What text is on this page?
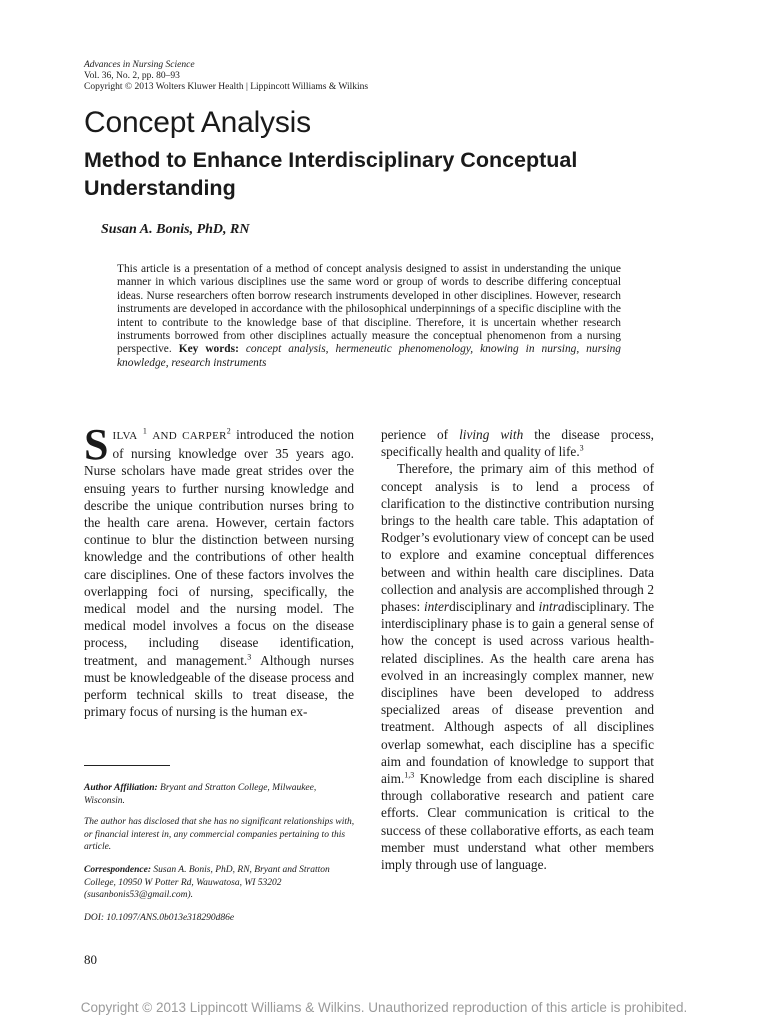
Advances in Nursing Science
Vol. 36, No. 2, pp. 80–93
Copyright © 2013 Wolters Kluwer Health | Lippincott Williams & Wilkins
Concept Analysis
Method to Enhance Interdisciplinary Conceptual Understanding
Susan A. Bonis, PhD, RN

This article is a presentation of a method of concept analysis designed to assist in understanding the unique manner in which various disciplines use the same word or group of words to describe differing conceptual ideas. Nurse researchers often borrow research instruments developed in other disciplines. However, research instruments are developed in accordance with the philosophical underpinnings of a specific discipline with the intent to contribute to the knowledge base of that discipline. Therefore, it is uncertain whether research instruments borrowed from other disciplines actually measure the conceptual phenomenon from a nursing perspective. Key words: concept analysis, hermeneutic phenomenology, knowing in nursing, nursing knowledge, research instruments

SILVA $^1$ AND CARPER$^2$ introduced the notion of nursing knowledge over 35 years ago. Nurse scholars have made great strides over the ensuing years to further nursing knowledge and describe the unique contribution nurses bring to the health care arena. However, certain factors continue to blur the distinction between nursing knowledge and the contributions of other health care disciplines. One of these factors involves the overlapping foci of nursing, specifically, the medical model and the nursing model. The medical model involves a focus on the disease process, including disease identification, treatment, and management.$^3$ Although nurses must be knowledgeable of the disease process and perform technical skills to treat disease, the primary focus of nursing is the human ex-

perience of living with the disease process, specifically health and quality of life.$^3$

Therefore, the primary aim of this method of concept analysis is to lend a process of clarification to the distinctive contribution nursing brings to the health care table. This adaptation of Rodger’s evolutionary view of concept can be used to explore and examine conceptual differences between and within health care disciplines. Data collection and analysis are accomplished through 2 phases: interdisciplinary and intradisciplinary. The interdisciplinary phase is to gain a general sense of how the concept is used across various health-related disciplines. As the health care arena has evolved in an increasingly complex manner, new disciplines have been developed to address specialized areas of disease prevention and treatment. Although aspects of all disciplines overlap somewhat, each discipline has a specific aim and foundation of knowledge to support that aim.$^{1,3}$ Knowledge from each discipline is shared through collaborative research and patient care efforts. Clear communication is critical to the success of these collaborative efforts, as each team member must understand what other members imply through use of language.

Author Affiliation: Bryant and Stratton College, Milwaukee, Wisconsin.

The author has disclosed that she has no significant relationships with, or financial interest in, any commercial companies pertaining to this article.

Correspondence: Susan A. Bonis, PhD, RN, Bryant and Stratton College, 10950 W Potter Rd, Wauwatosa, WI 53202 (susanbonis53@gmail.com).

DOI: 10.1097/ANS.0b013e318290d86e

80
Copyright © 2013 Lippincott Williams & Wilkins. Unauthorized reproduction of this article is prohibited.
